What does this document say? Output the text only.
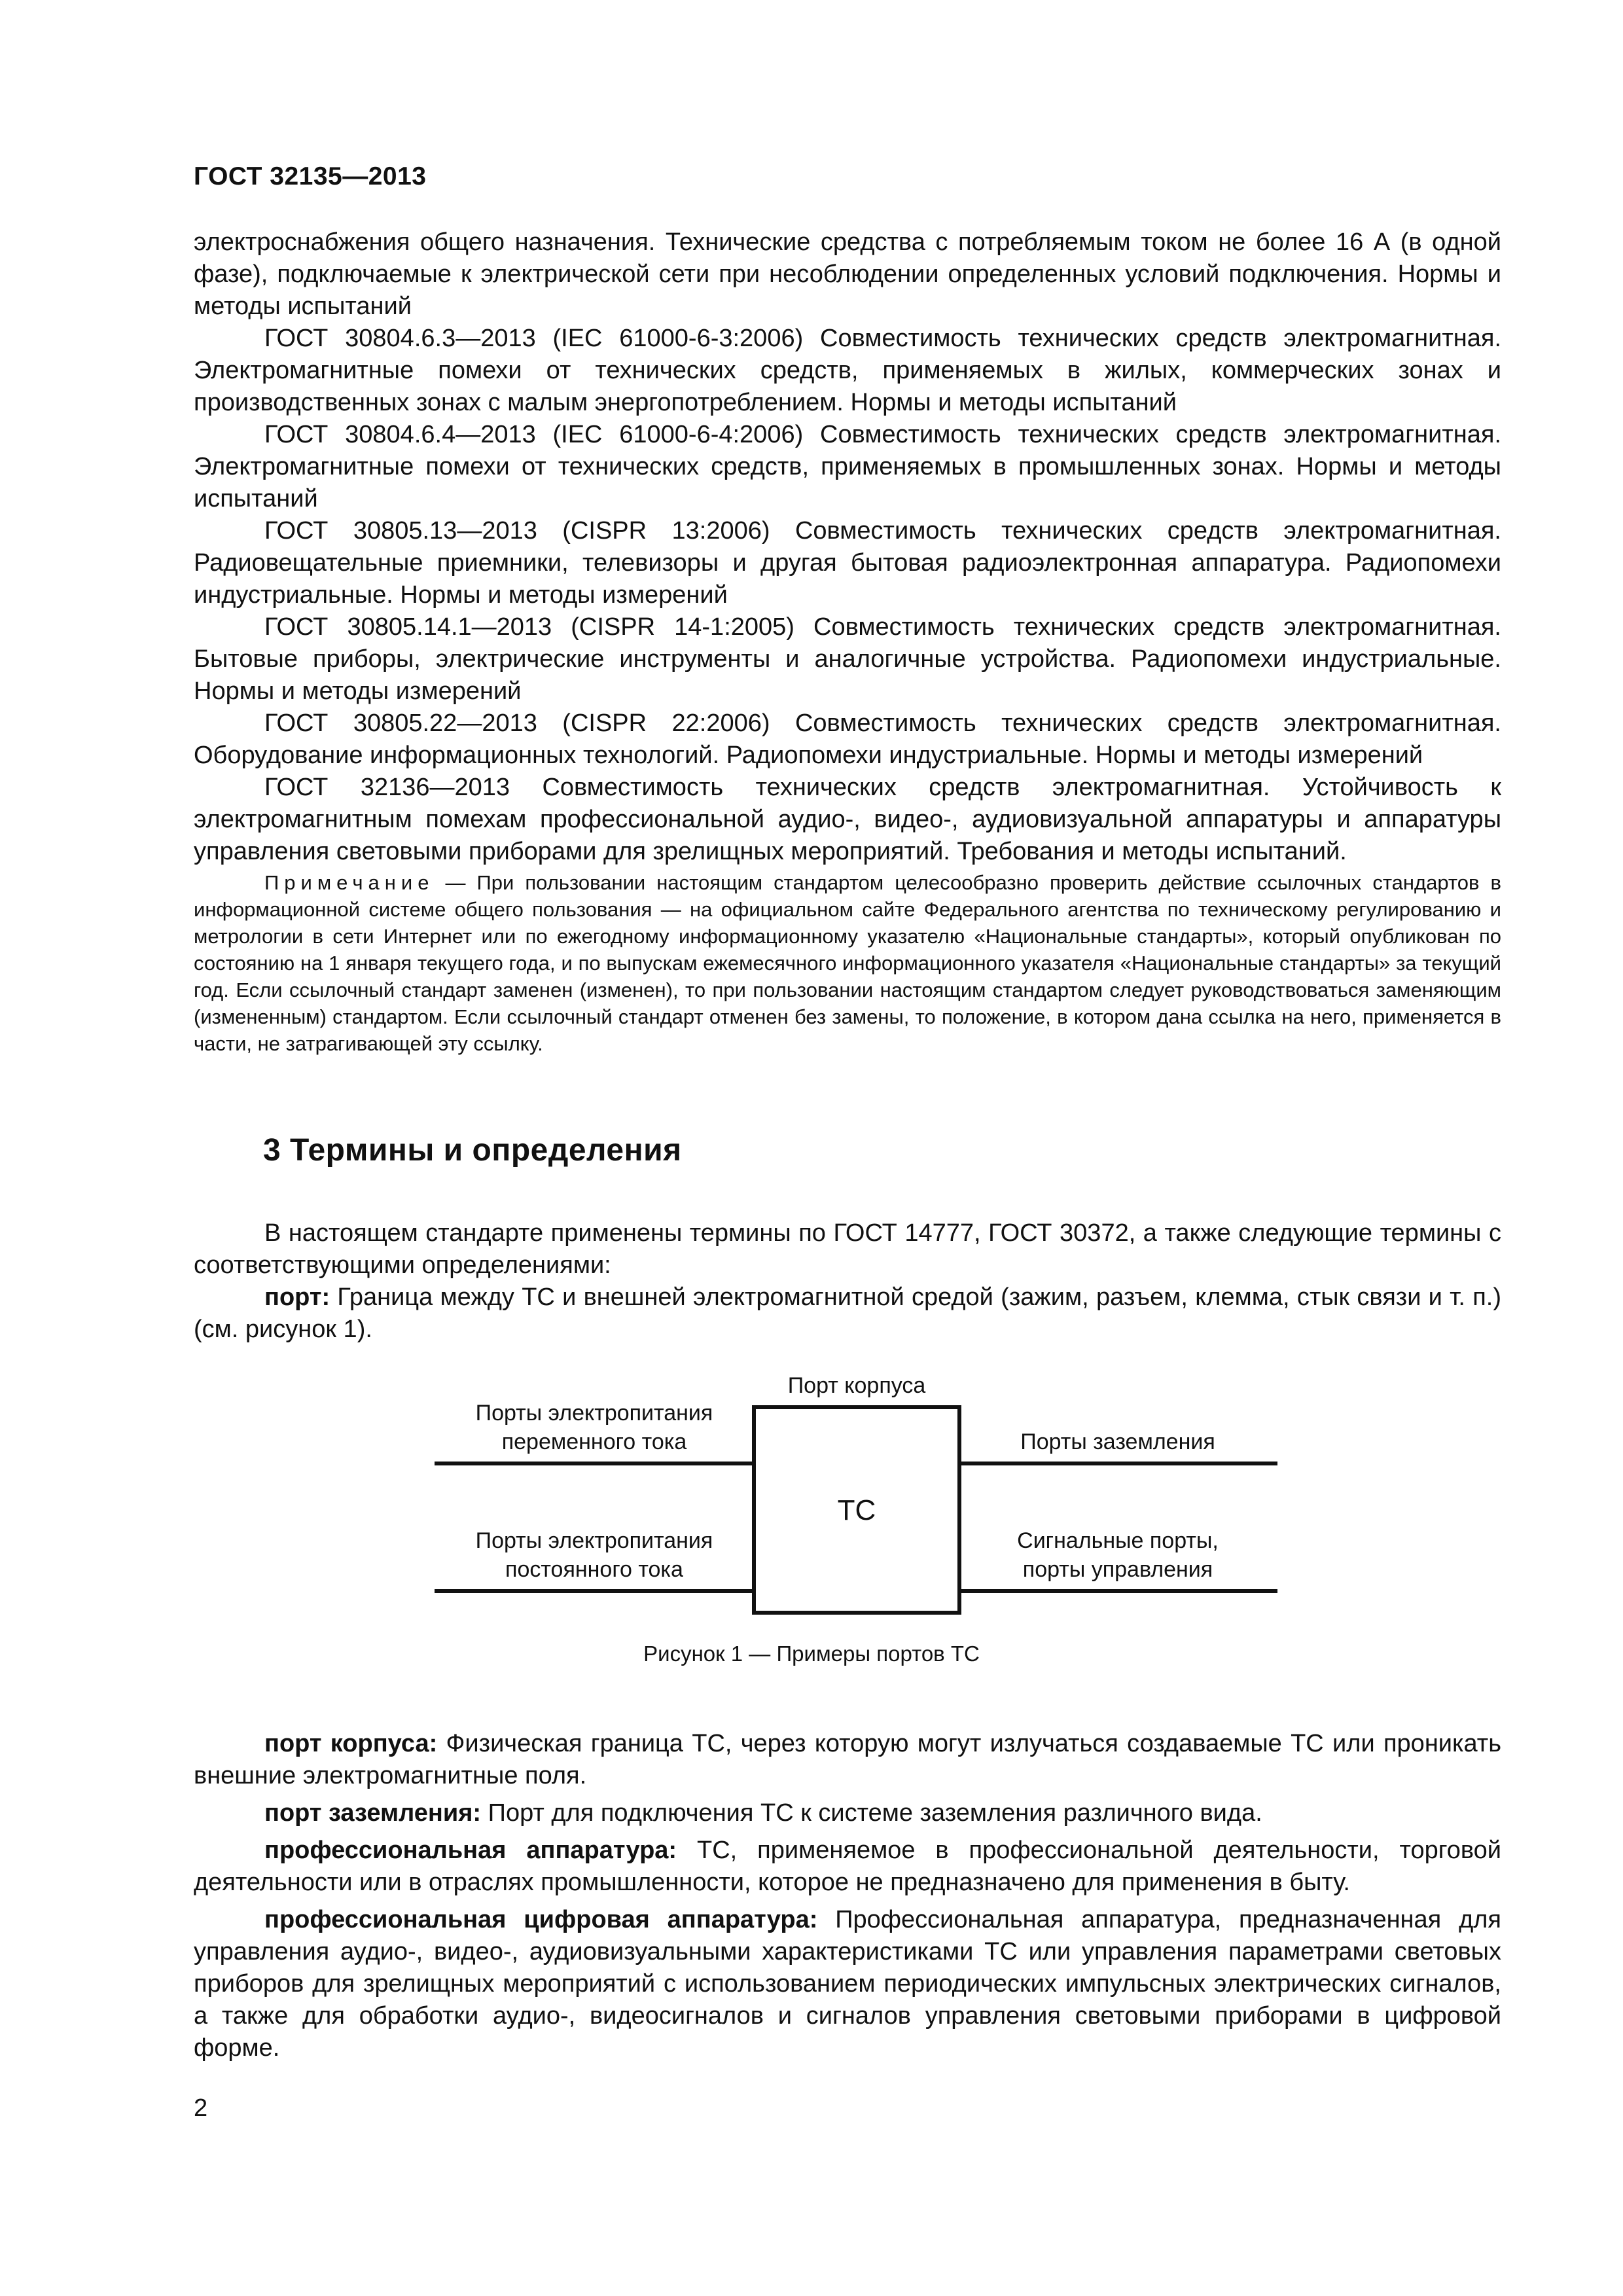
ГОСТ 32135—2013

электроснабжения общего назначения. Технические средства с потребляемым током не более 16 А (в одной фазе), подключаемые к электрической сети при несоблюдении определенных условий подключения. Нормы и методы испытаний

ГОСТ 30804.6.3—2013 (IEC 61000-6-3:2006) Совместимость технических средств электромагнитная. Электромагнитные помехи от технических средств, применяемых в жилых, коммерческих зонах и производственных зонах с малым энергопотреблением. Нормы и методы испытаний

ГОСТ 30804.6.4—2013 (IEC 61000-6-4:2006) Совместимость технических средств электромагнитная. Электромагнитные помехи от технических средств, применяемых в промышленных зонах. Нормы и методы испытаний

ГОСТ 30805.13—2013 (CISPR 13:2006) Совместимость технических средств электромагнитная. Радиовещательные приемники, телевизоры и другая бытовая радиоэлектронная аппаратура. Радиопомехи индустриальные. Нормы и методы измерений

ГОСТ 30805.14.1—2013 (CISPR 14-1:2005) Совместимость технических средств электромагнитная. Бытовые приборы, электрические инструменты и аналогичные устройства. Радиопомехи индустриальные. Нормы и методы измерений

ГОСТ 30805.22—2013 (CISPR 22:2006) Совместимость технических средств электромагнитная. Оборудование информационных технологий. Радиопомехи индустриальные. Нормы и методы измерений

ГОСТ 32136—2013 Совместимость технических средств электромагнитная. Устойчивость к электромагнитным помехам профессиональной аудио-, видео-, аудиовизуальной аппаратуры и аппаратуры управления световыми приборами для зрелищных мероприятий. Требования и методы испытаний.

Примечание — При пользовании настоящим стандартом целесообразно проверить действие ссылочных стандартов в информационной системе общего пользования — на официальном сайте Федерального агентства по техническому регулированию и метрологии в сети Интернет или по ежегодному информационному указателю «Национальные стандарты», который опубликован по состоянию на 1 января текущего года, и по выпускам ежемесячного информационного указателя «Национальные стандарты» за текущий год. Если ссылочный стандарт заменен (изменен), то при пользовании настоящим стандартом следует руководствоваться заменяющим (измененным) стандартом. Если ссылочный стандарт отменен без замены, то положение, в котором дана ссылка на него, применяется в части, не затрагивающей эту ссылку.

3 Термины и определения

В настоящем стандарте применены термины по ГОСТ 14777, ГОСТ 30372, а также следующие термины с соответствующими определениями:

порт: Граница между ТС и внешней электромагнитной средой (зажим, разъем, клемма, стык связи и т. п.) (см. рисунок 1).

Порт корпуса
ТС
Порты электропитания
переменного тока
Порты электропитания
постоянного тока
Порты заземления
Сигнальные порты,
порты управления
Рисунок 1 — Примеры портов ТС

порт корпуса: Физическая граница ТС, через которую могут излучаться создаваемые ТС или проникать внешние электромагнитные поля.

порт заземления: Порт для подключения ТС к системе заземления различного вида.

профессиональная аппаратура: ТС, применяемое в профессиональной деятельности, торговой деятельности или в отраслях промышленности, которое не предназначено для применения в быту.

профессиональная цифровая аппаратура: Профессиональная аппаратура, предназначенная для управления аудио-, видео-, аудиовизуальными характеристиками ТС или управления параметрами световых приборов для зрелищных мероприятий с использованием периодических импульсных электрических сигналов, а также для обработки аудио-, видеосигналов и сигналов управления световыми приборами в цифровой форме.

2
